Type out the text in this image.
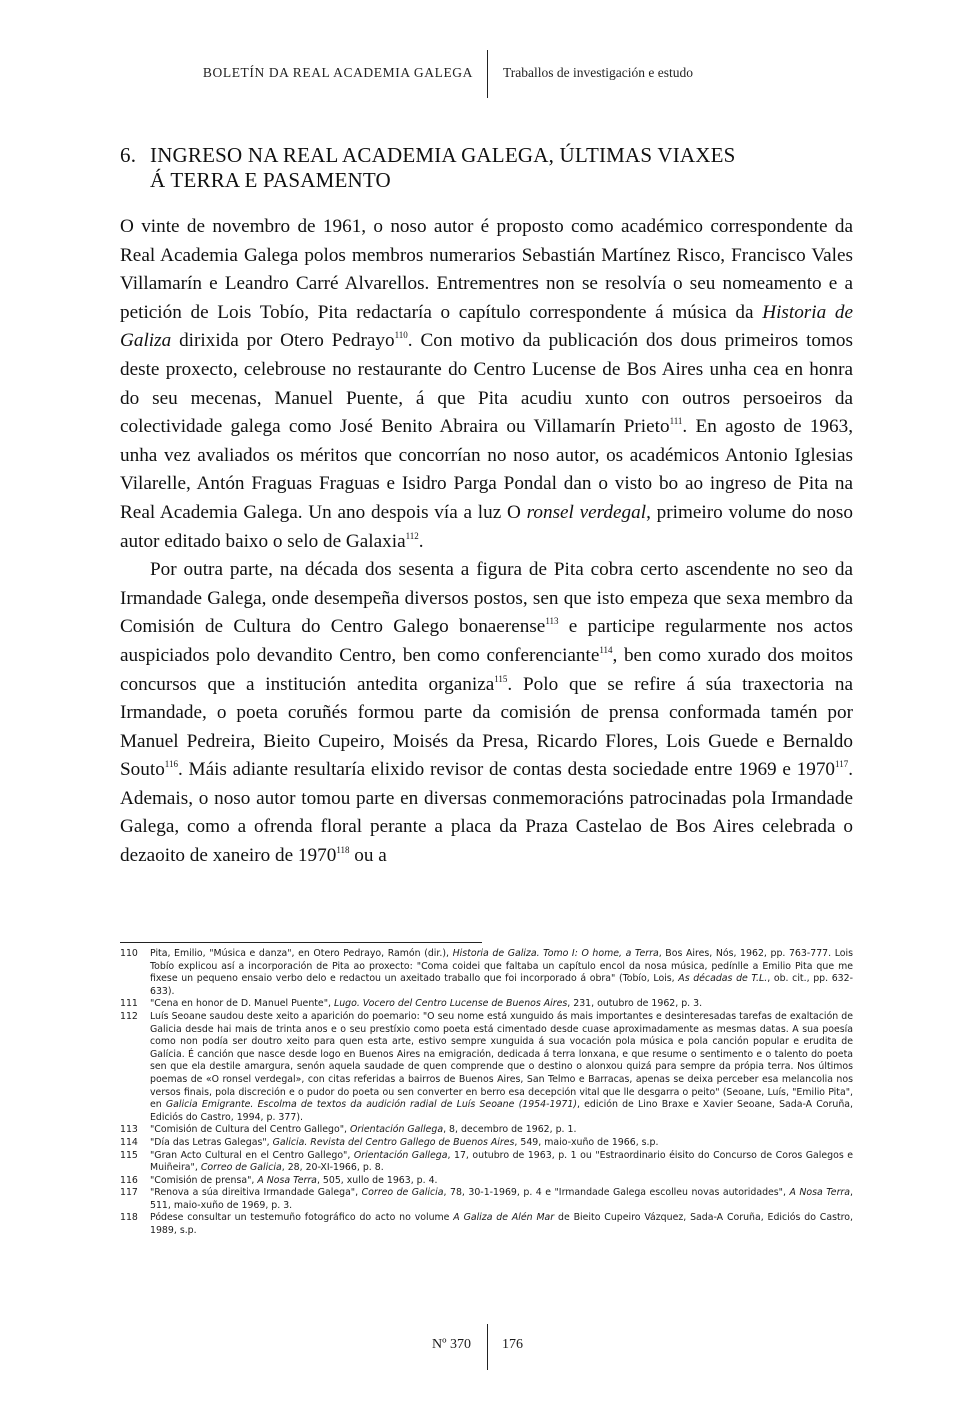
BOLETÍN DA REAL ACADEMIA GALEGA Traballos de investigación e estudo
6. INGRESO NA REAL ACADEMIA GALEGA, ÚLTIMAS VIAXES
Á TERRA E PASAMENTO

O vinte de novembro de 1961, o noso autor é proposto como académico correspondente da Real Academia Galega polos membros numerarios Sebastián Martínez Risco, Francisco Vales Villamarín e Leandro Carré Alvarellos. Entrementres non se resolvía o seu nomeamento e a petición de Lois Tobío, Pita redactaría o capítulo correspondente á música da Historia de Galiza dirixida por Otero Pedrayo$^{110}$. Con motivo da publicación dos dous primeiros tomos deste proxecto, celebrouse no restaurante do Centro Lucense de Bos Aires unha cea en honra do seu mecenas, Manuel Puente, á que Pita acudiu xunto con outros persoeiros da colectividade galega como José Benito Abraira ou Villamarín Prieto$^{111}$. En agosto de 1963, unha vez avaliados os méritos que concorrían no noso autor, os académicos Antonio Iglesias Vilarelle, Antón Fraguas Fraguas e Isidro Parga Pondal dan o visto bo ao ingreso de Pita na Real Academia Galega. Un ano despois vía a luz O ronsel verdegal, primeiro volume do noso autor editado baixo o selo de Galaxia$^{112}$.

Por outra parte, na década dos sesenta a figura de Pita cobra certo ascendente no seo da Irmandade Galega, onde desempeña diversos postos, sen que isto empeza que sexa membro da Comisión de Cultura do Centro Galego bonaerense$^{113}$ e participe regularmente nos actos auspiciados polo devandito Centro, ben como conferenciante$^{114}$, ben como xurado dos moitos concursos que a institución antedita organiza$^{115}$. Polo que se refire á súa traxectoria na Irmandade, o poeta coruñés formou parte da comisión de prensa conformada tamén por Manuel Pedreira, Bieito Cupeiro, Moisés da Presa, Ricardo Flores, Lois Guede e Bernaldo Souto$^{116}$. Máis adiante resultaría elixido revisor de contas desta sociedade entre 1969 e 1970$^{117}$. Ademais, o noso autor tomou parte en diversas conmemoracións patrocinadas pola Irmandade Galega, como a ofrenda floral perante a placa da Praza Castelao de Bos Aires celebrada o dezaoito de xaneiro de 1970$^{118}$ ou a

110 Pita, Emilio, "Música e danza", en Otero Pedrayo, Ramón (dir.), Historia de Galiza. Tomo I: O home, a Terra, Bos Aires, Nós, 1962, pp. 763-777. Lois Tobío explicou así a incorporación de Pita ao proxecto: "Coma coidei que faltaba un capítulo encol da nosa música, pedínlle a Emilio Pita que me fixese un pequeno ensaio verbo delo e redactou un axeitado traballo que foi incorporado á obra" (Tobío, Lois, As décadas de T.L., ob. cit., pp. 632-633).
111 "Cena en honor de D. Manuel Puente", Lugo. Vocero del Centro Lucense de Buenos Aires, 231, outubro de 1962, p. 3.
112 Luís Seoane saudou deste xeito a aparición do poemario: "O seu nome está xunguido ás mais importantes e desinteresadas tarefas de exaltación de Galicia desde hai mais de trinta anos e o seu prestíxio como poeta está cimentado desde cuase aproximadamente as mesmas datas. A sua poesía como non podía ser doutro xeito para quen esta arte, estivo sempre xunguida á sua vocación pola música e pola canción popular e erudita de Galícia. É canción que nasce desde logo en Buenos Aires na emigración, dedicada á terra lonxana, e que resume o sentimento e o talento do poeta sen que ela destile amargura, senón aquela saudade de quen comprende que o destino o alonxou quizá para sempre da própia terra. Nos últimos poemas de «O ronsel verdegal», con citas referidas a bairros de Buenos Aires, San Telmo e Barracas, apenas se deixa perceber esa melancolia nos versos finais, pola discreción e o pudor do poeta ou sen converter en berro esa decepción vital que lle desgarra o peito" (Seoane, Luís, "Emilio Pita", en Galicia Emigrante. Escolma de textos da audición radial de Luís Seoane (1954-1971), edición de Lino Braxe e Xavier Seoane, Sada-A Coruña, Ediciós do Castro, 1994, p. 377).
113 "Comisión de Cultura del Centro Gallego", Orientación Gallega, 8, decembro de 1962, p. 1.
114 "Día das Letras Galegas", Galicia. Revista del Centro Gallego de Buenos Aires, 549, maio-xuño de 1966, s.p.
115 "Gran Acto Cultural en el Centro Gallego", Orientación Gallega, 17, outubro de 1963, p. 1 ou "Estraordinario éisito do Concurso de Coros Galegos e Muiñeira", Correo de Galicia, 28, 20-XI-1966, p. 8.
116 "Comisión de prensa", A Nosa Terra, 505, xullo de 1963, p. 4.
117 "Renova a súa direitiva Irmandade Galega", Correo de Galicia, 78, 30-1-1969, p. 4 e "Irmandade Galega escolleu novas autoridades", A Nosa Terra, 511, maio-xuño de 1969, p. 3.
118 Pódese consultar un testemuño fotográfico do acto no volume A Galiza de Alén Mar de Bieito Cupeiro Vázquez, Sada-A Coruña, Ediciós do Castro, 1989, s.p.
Nº 370 176
